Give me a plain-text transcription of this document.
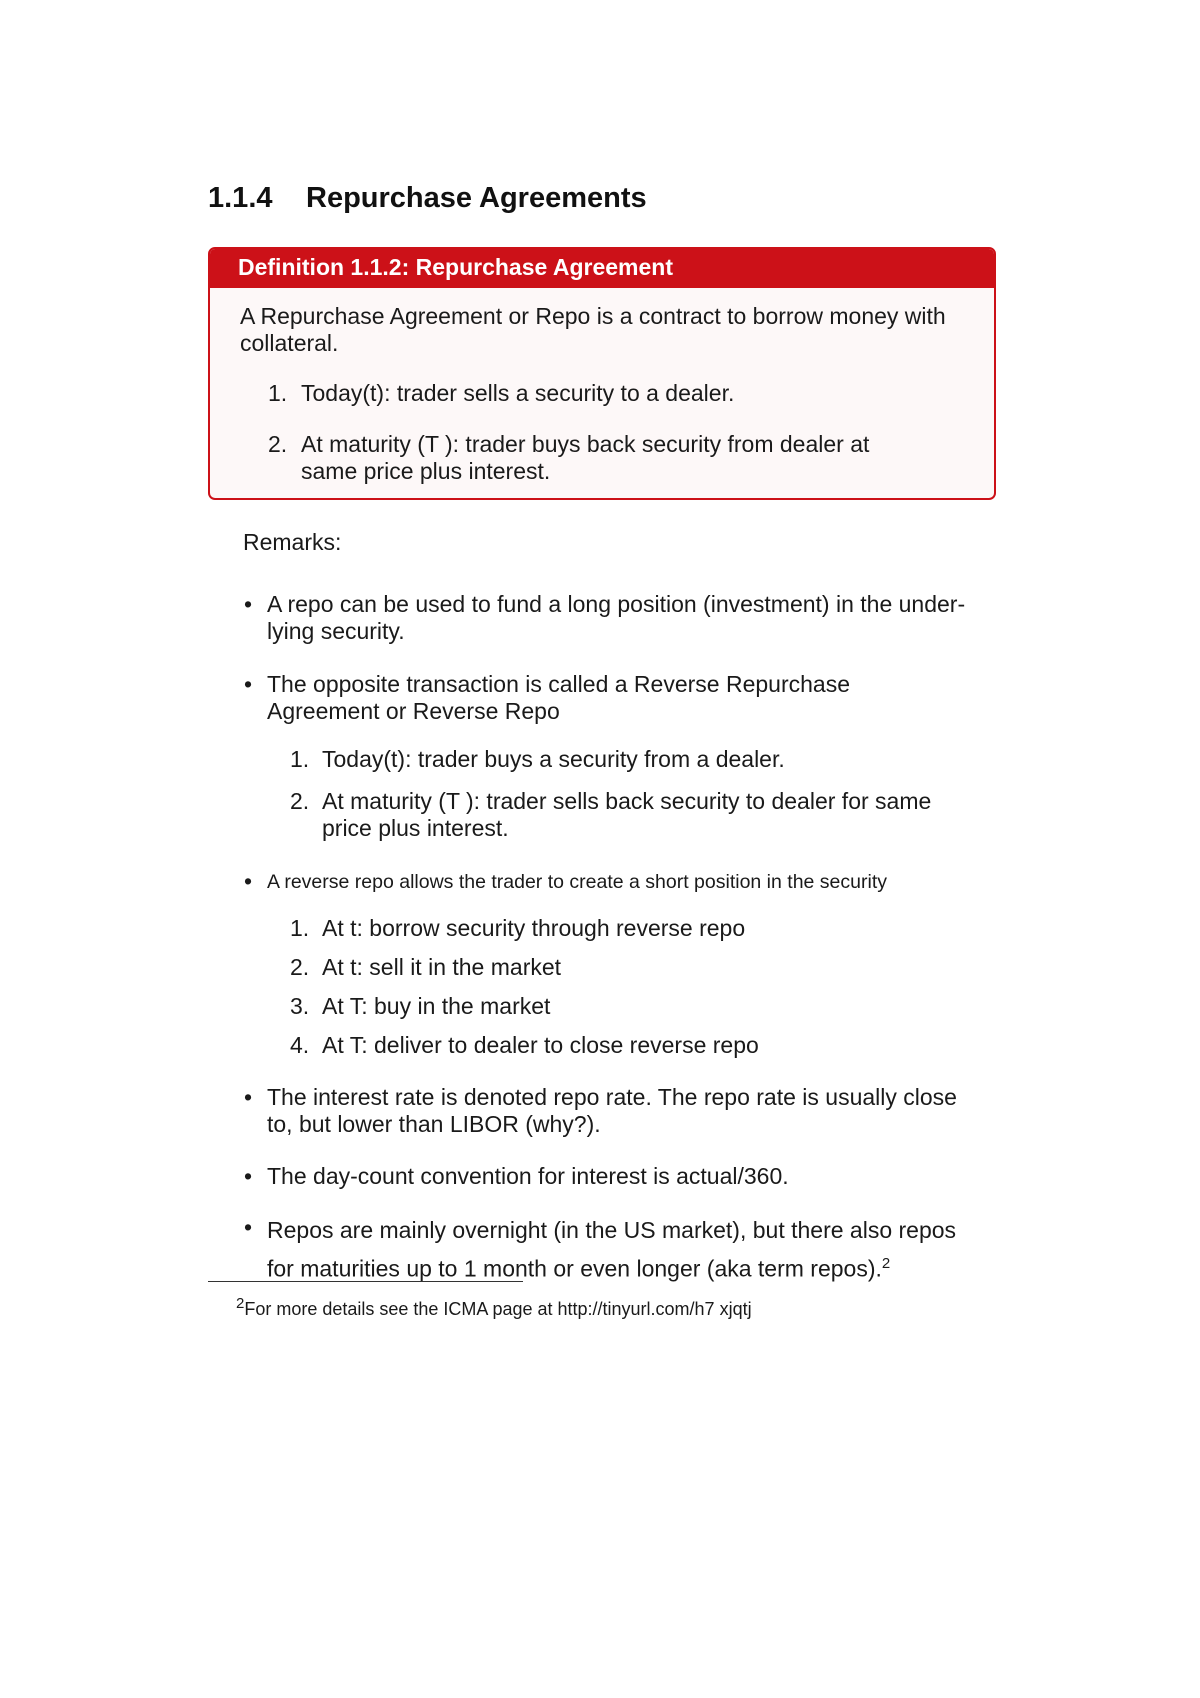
1.1.4 Repurchase Agreements
Definition 1.1.2: Repurchase Agreement
A Repurchase Agreement or Repo is a contract to borrow money with collateral.
1. Today(t): trader sells a security to a dealer.
2. At maturity (T ): trader buys back security from dealer at same price plus interest.
Remarks:
• A repo can be used to fund a long position (investment) in the under-lying security.
• The opposite transaction is called a Reverse Repurchase Agreement or Reverse Repo
1. Today(t): trader buys a security from a dealer.
2. At maturity (T ): trader sells back security to dealer for same price plus interest.
• A reverse repo allows the trader to create a short position in the security
1. At t: borrow security through reverse repo
2. At t: sell it in the market
3. At T: buy in the market
4. At T: deliver to dealer to close reverse repo
• The interest rate is denoted repo rate. The repo rate is usually close to, but lower than LIBOR (why?).
• The day-count convention for interest is actual/360.
• Repos are mainly overnight (in the US market), but there also repos for maturities up to 1 month or even longer (aka term repos).$^2$
$^2$For more details see the ICMA page at http://tinyurl.com/h7 xjqtj
